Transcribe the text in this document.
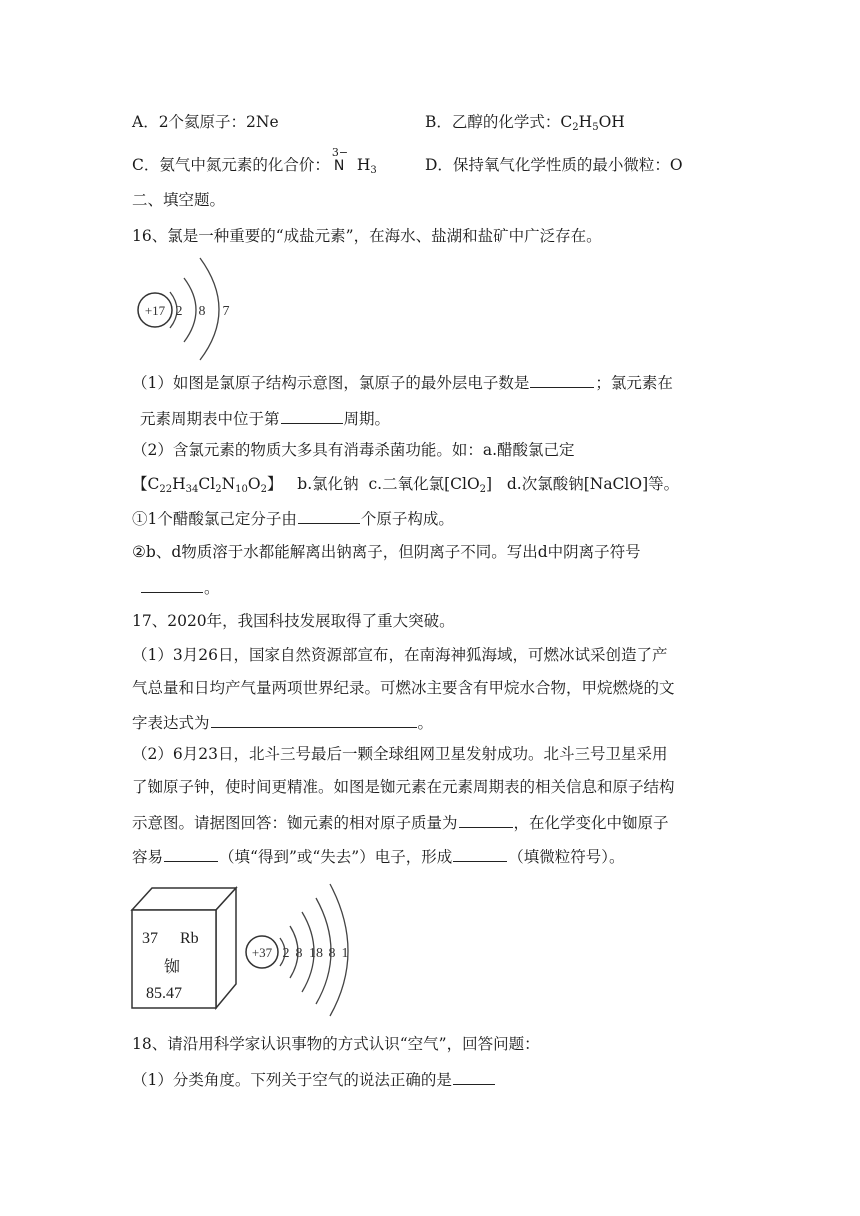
A．2个氦原子：2Ne	B．乙醇的化学式：$C_2H_5OH$
C．氨气中氮元素的化合价：
3−
N $H_3$	D．保持氧气化学性质的最小微粒：O
二、填空题。
16、氯是一种重要的“成盐元素”，在海水、盐湖和盐矿中广泛存在。
+17 2 8 7
（1）如图是氯原子结构示意图，氯原子的最外层电子数是	；氯元素在
元素周期表中位于第	周期。
（2）含氯元素的物质大多具有消毒杀菌功能。如：a.醋酸氯己定
【$C_{22}H_{34}Cl_2N_{10}O_2$】   b.氯化钠  c.二氧化氯[ClO$_2$]   d.次氯酸钠[NaClO]等。
①1个醋酸氯己定分子由	个原子构成。
②b、d物质溶于水都能解离出钠离子，但阴离子不同。写出d中阴离子符号
。
17、2020年，我国科技发展取得了重大突破。
（1）3月26日，国家自然资源部宣布，在南海神狐海域，可燃冰试采创造了产
气总量和日均产气量两项世界纪录。可燃冰主要含有甲烷水合物，甲烷燃烧的文
字表达式为	。
（2）6月23日，北斗三号最后一颗全球组网卫星发射成功。北斗三号卫星采用
了铷原子钟，使时间更精准。如图是铷元素在元素周期表的相关信息和原子结构
示意图。请据图回答：铷元素的相对原子质量为	，在化学变化中铷原子
容易	（填“得到”或“失去”）电子，形成	（填微粒符号）。
37 Rb
铷
85.47
+37 2 8 18 8 1
18、请沿用科学家认识事物的方式认识“空气”，回答问题：
（1）分类角度。下列关于空气的说法正确的是
